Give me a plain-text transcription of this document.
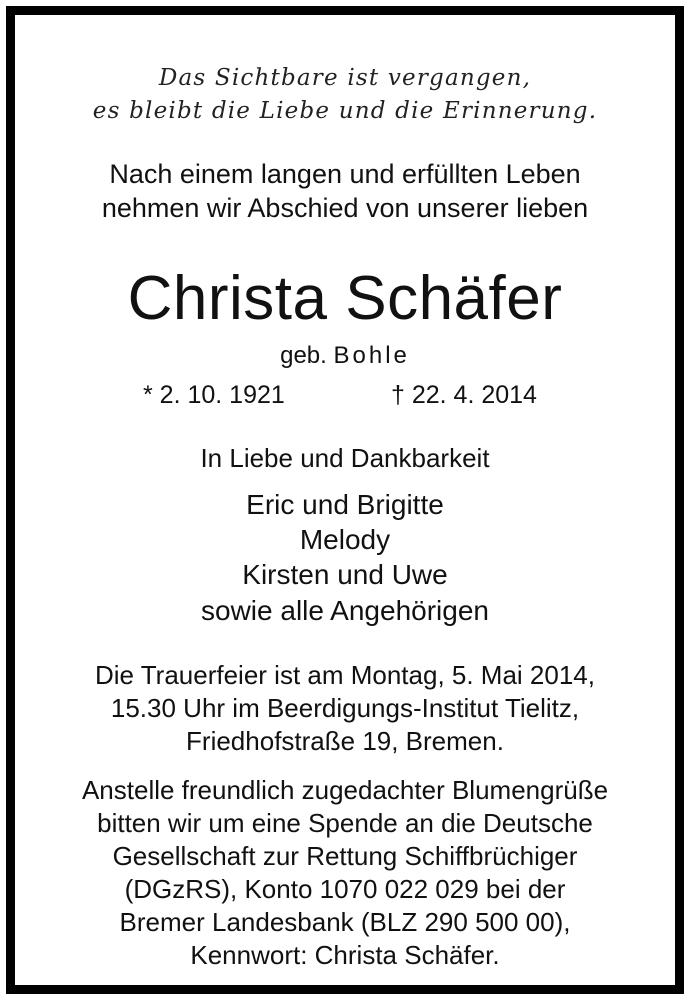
Das Sichtbare ist vergangen,
es bleibt die Liebe und die Erinnerung.
Nach einem langen und erfüllten Leben
nehmen wir Abschied von unserer lieben
Christa Schäfer
geb. Bohle
* 2. 10. 1921	† 22. 4. 2014
In Liebe und Dankbarkeit
Eric und Brigitte
Melody
Kirsten und Uwe
sowie alle Angehörigen
Die Trauerfeier ist am Montag, 5. Mai 2014,
15.30 Uhr im Beerdigungs-Institut Tielitz,
Friedhofstraße 19, Bremen.
Anstelle freundlich zugedachter Blumengrüße
bitten wir um eine Spende an die Deutsche
Gesellschaft zur Rettung Schiffbrüchiger
(DGzRS), Konto 1070 022 029 bei der
Bremer Landesbank (BLZ 290 500 00),
Kennwort: Christa Schäfer.
